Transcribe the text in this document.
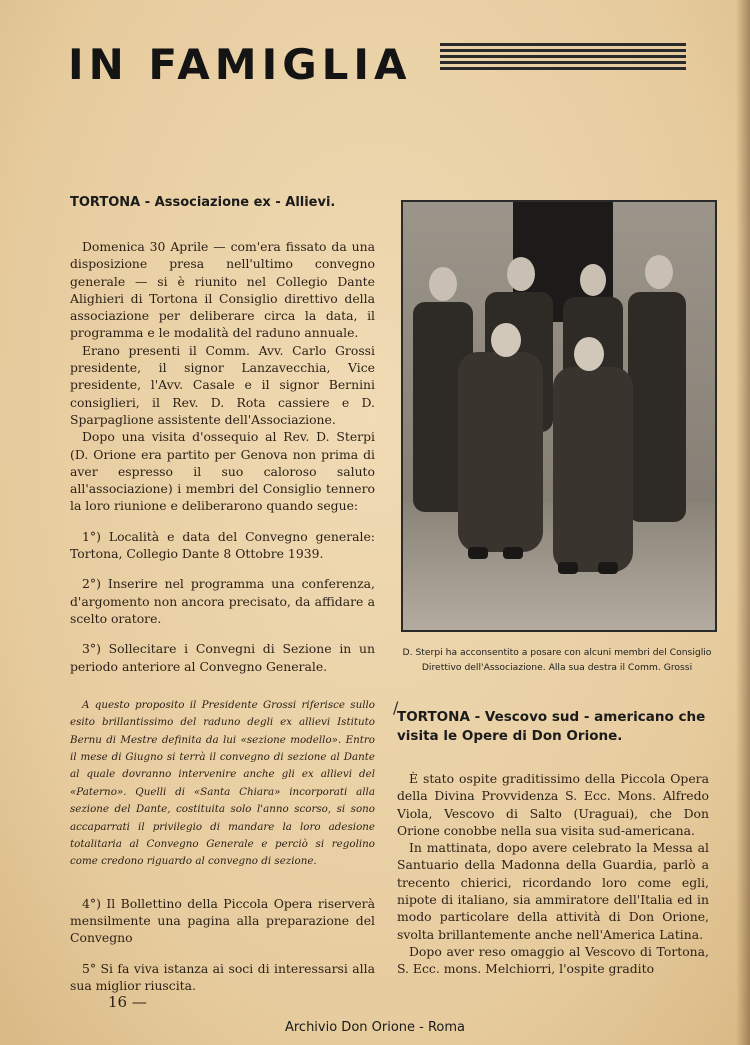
IN FAMIGLIA
TORTONA - Associazione ex - Allievi.

Domenica 30 Aprile — com'era fissato da una disposizione presa nell'ultimo convegno generale — si è riunito nel Collegio Dante Alighieri di Tortona il Consiglio direttivo della associazione per deliberare circa la data, il programma e le modalità del raduno annuale.

Erano presenti il Comm. Avv. Carlo Grossi presidente, il signor Lanzavecchia, Vice presidente, l'Avv. Casale e il signor Bernini consiglieri, il Rev. D. Rota cassiere e D. Sparpaglione assistente dell'Associazione.

Dopo una visita d'ossequio al Rev. D. Sterpi (D. Orione era partito per Genova non prima di aver espresso il suo caloroso saluto all'associazione) i membri del Consiglio tennero la loro riunione e deliberarono quando segue:

1°) Località e data del Convegno generale: Tortona, Collegio Dante 8 Ottobre 1939.

2°) Inserire nel programma una conferenza, d'argomento non ancora precisato, da affidare a scelto oratore.

3°) Sollecitare i Convegni di Sezione in un periodo anteriore al Convegno Generale.

A questo proposito il Presidente Grossi riferisce sullo esito brillantissimo del raduno degli ex allievi Istituto Bernu di Mestre definita da lui «sezione modello». Entro il mese di Giugno si terrà il convegno di sezione al Dante al quale dovranno intervenire anche gli ex allievi del «Paterno». Quelli di «Santa Chiara» incorporati alla sezione del Dante, costituita solo l'anno scorso, si sono accaparrati il privilegio di mandare la loro adesione totalitaria al Convegno Generale e perciò si regolino come credono riguardo al convegno di sezione.

4°) Il Bollettino della Piccola Opera riserverà mensilmente una pagina alla preparazione del Convegno

5° Si fa viva istanza ai soci di interessarsi alla sua miglior riuscita.

D. Sterpi ha acconsentito a posare con alcuni membri del Consiglio Direttivo dell'Associazione. Alla sua destra il Comm. Grossi

/
TORTONA - Vescovo sud - americano che visita le Opere di Don Orione.

È stato ospite graditissimo della Piccola Opera della Divina Provvidenza S. Ecc. Mons. Alfredo Viola, Vescovo di Salto (Uraguai), che Don Orione conobbe nella sua visita sud-americana.

In mattinata, dopo avere celebrato la Messa al Santuario della Madonna della Guardia, parlò a trecento chierici, ricordando loro come egli, nipote di italiano, sia ammiratore dell'Italia ed in modo particolare della attività di Don Orione, svolta brillantemente anche nell'America Latina.

Dopo aver reso omaggio al Vescovo di Tortona, S. Ecc. mons. Melchiorri, l'ospite gradito

16 —

Archivio Don Orione - Roma
